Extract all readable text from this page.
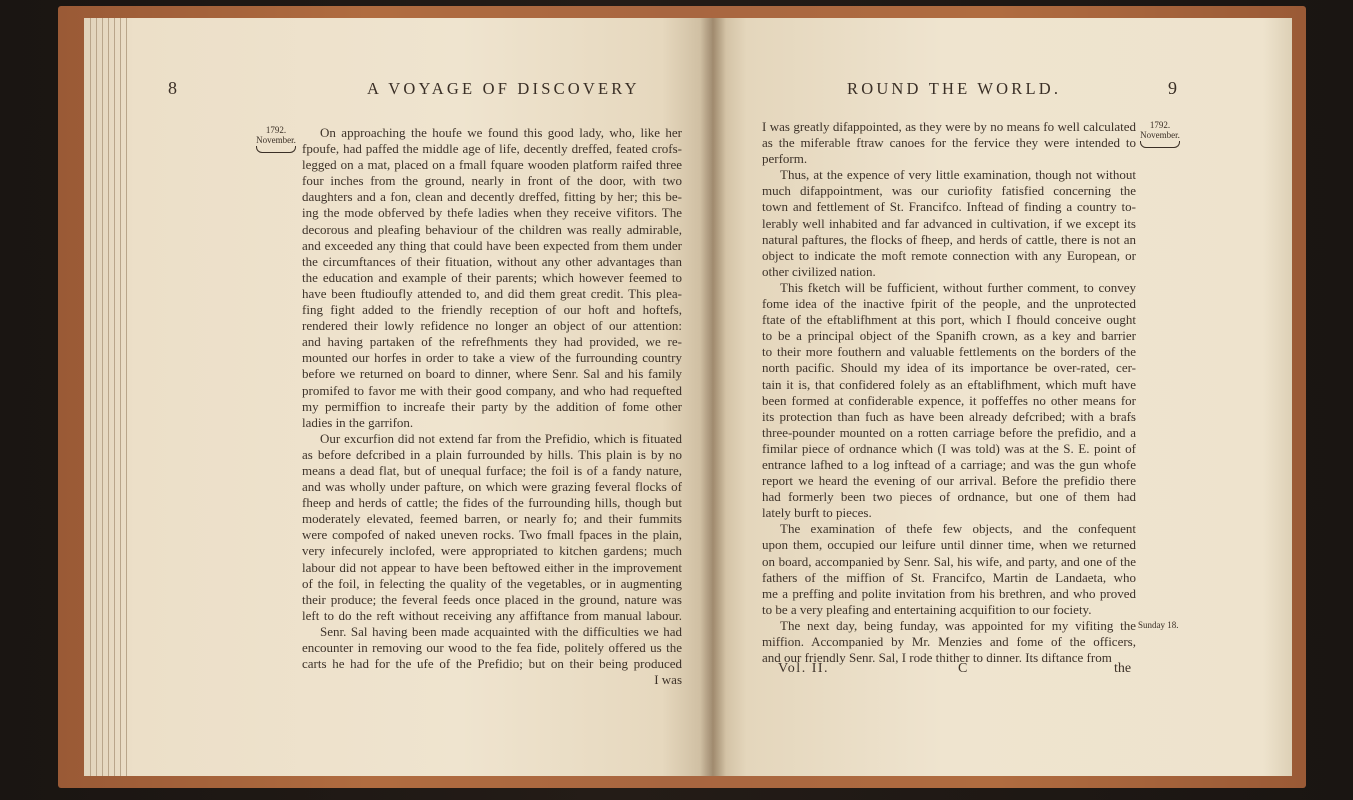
8	A VOYAGE OF DISCOVERY
1792.
November.	On approaching the houfe we found this good lady, who, like her
fpoufe, had paffed the middle age of life, decently dreffed, feated crofs-
legged on a mat, placed on a fmall fquare wooden platform raifed three
four inches from the ground, nearly in front of the door, with two
daughters and a fon, clean and decently dreffed, fitting by her; this be-
ing the mode obferved by thefe ladies when they receive vifitors. The
decorous and pleafing behaviour of the children was really admirable,
and exceeded any thing that could have been expected from them under
the circumftances of their fituation, without any other advantages than
the education and example of their parents; which however feemed to
have been ftudioufly attended to, and did them great credit. This plea-
fing fight added to the friendly reception of our hoft and hoftefs,
rendered their lowly refidence no longer an object of our attention:
and having partaken of the refrefhments they had provided, we re-
mounted our horfes in order to take a view of the furrounding country
before we returned on board to dinner, where Senr. Sal and his family
promifed to favor me with their good company, and who had requefted
my permiffion to increafe their party by the addition of fome other
ladies in the garrifon.
Our excurfion did not extend far from the Prefidio, which is fituated
as before defcribed in a plain furrounded by hills. This plain is by no
means a dead flat, but of unequal furface; the foil is of a fandy nature,
and was wholly under pafture, on which were grazing feveral flocks of
fheep and herds of cattle; the fides of the furrounding hills, though but
moderately elevated, feemed barren, or nearly fo; and their fummits
were compofed of naked uneven rocks. Two fmall fpaces in the plain,
very infecurely inclofed, were appropriated to kitchen gardens; much
labour did not appear to have been beftowed either in the improvement
of the foil, in felecting the quality of the vegetables, or in augmenting
their produce; the feveral feeds once placed in the ground, nature was
left to do the reft without receiving any affiftance from manual labour.
Senr. Sal having been made acquainted with the difficulties we had
encounter in removing our wood to the fea fide, politely offered us the
carts he had for the ufe of the Prefidio; but on their being produced
I was
ROUND THE WORLD.	9
1792.
November.
Sunday 18.
I was greatly difappointed, as they were by no means fo well calculated
as the miferable ftraw canoes for the fervice they were intended to
perform.
Thus, at the expence of very little examination, though not without
much difappointment, was our curiofity fatisfied concerning the
town and fettlement of St. Francifco. Inftead of finding a country to-
lerably well inhabited and far advanced in cultivation, if we except its
natural paftures, the flocks of fheep, and herds of cattle, there is not an
object to indicate the moft remote connection with any European, or
other civilized nation.
This fketch will be fufficient, without further comment, to convey
fome idea of the inactive fpirit of the people, and the unprotected
ftate of the eftablifhment at this port, which I fhould conceive ought
to be a principal object of the Spanifh crown, as a key and barrier
to their more fouthern and valuable fettlements on the borders of the
north pacific. Should my idea of its importance be over-rated, cer-
tain it is, that confidered folely as an eftablifhment, which muft have
been formed at confiderable expence, it poffeffes no other means for
its protection than fuch as have been already defcribed; with a brafs
three-pounder mounted on a rotten carriage before the prefidio, and a
fimilar piece of ordnance which (I was told) was at the S. E. point of
entrance lafhed to a log inftead of a carriage; and was the gun whofe
report we heard the evening of our arrival. Before the prefidio there
had formerly been two pieces of ordnance, but one of them had
lately burft to pieces.
The examination of thefe few objects, and the confequent
upon them, occupied our leifure until dinner time, when we returned
on board, accompanied by Senr. Sal, his wife, and party, and one of the
fathers of the miffion of St. Francifco, Martin de Landaeta, who
me a preffing and polite invitation from his brethren, and who proved
to be a very pleafing and entertaining acquifition to our fociety.
The next day, being funday, was appointed for my vifiting the
miffion. Accompanied by Mr. Menzies and fome of the officers,
and our friendly Senr. Sal, I rode thither to dinner. Its diftance from
Vol. II.	C	the
